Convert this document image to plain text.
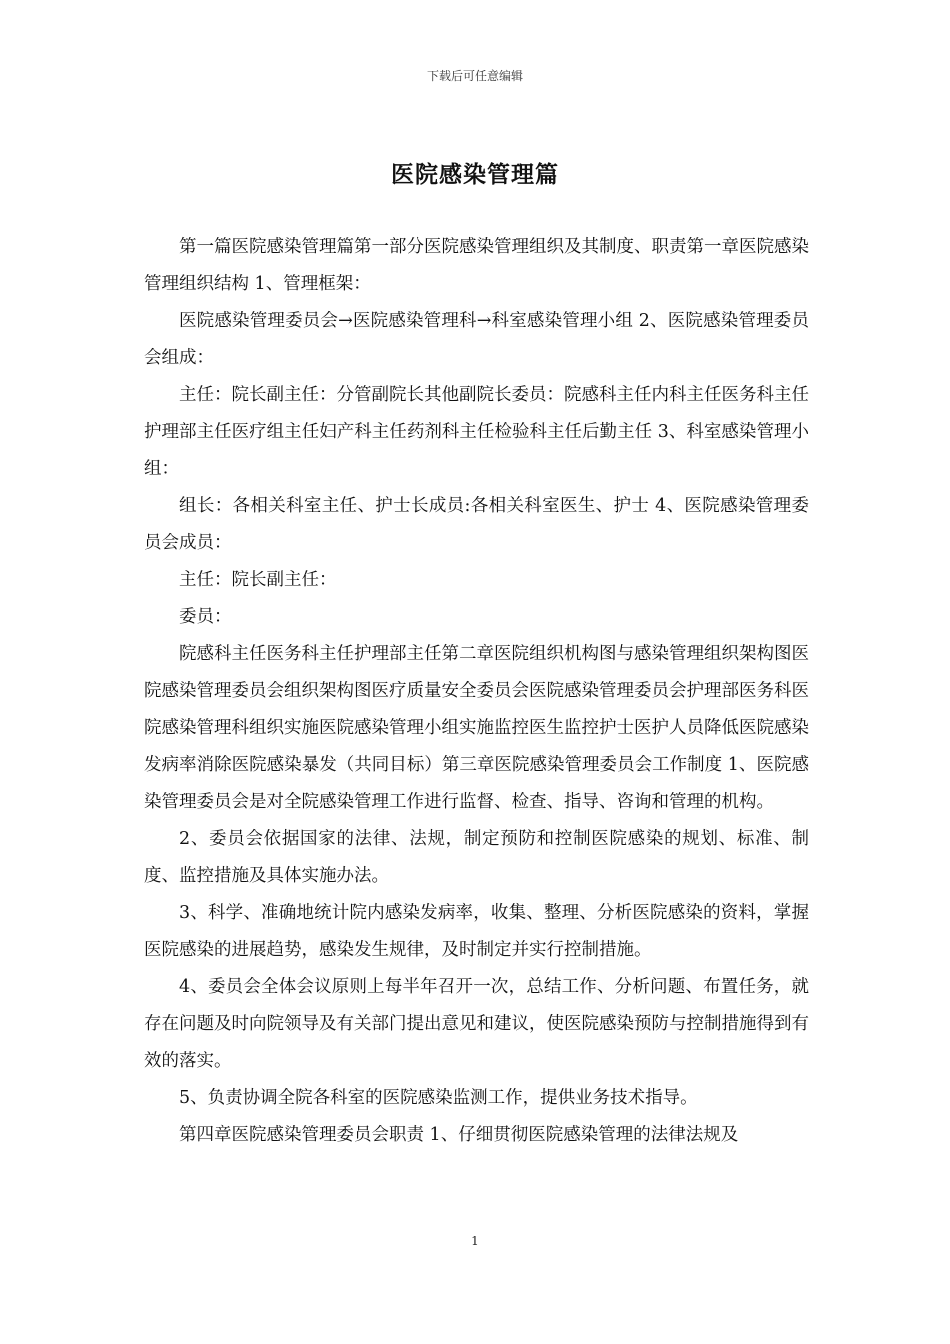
下载后可任意编辑
医院感染管理篇

第一篇医院感染管理篇第一部分医院感染管理组织及其制度、职责第一章医院感染管理组织结构 1、管理框架：

医院感染管理委员会→医院感染管理科→科室感染管理小组 2、医院感染管理委员会组成：

主任：院长副主任：分管副院长其他副院长委员：院感科主任内科主任医务科主任护理部主任医疗组主任妇产科主任药剂科主任检验科主任后勤主任 3、科室感染管理小组：

组长：各相关科室主任、护士长成员:各相关科室医生、护士 4、医院感染管理委员会成员：

主任：院长副主任：

委员：

院感科主任医务科主任护理部主任第二章医院组织机构图与感染管理组织架构图医院感染管理委员会组织架构图医疗质量安全委员会医院感染管理委员会护理部医务科医院感染管理科组织实施医院感染管理小组实施监控医生监控护士医护人员降低医院感染发病率消除医院感染暴发（共同目标）第三章医院感染管理委员会工作制度 1、医院感染管理委员会是对全院感染管理工作进行监督、检查、指导、咨询和管理的机构。

2、委员会依据国家的法律、法规，制定预防和控制医院感染的规划、标准、制度、监控措施及具体实施办法。

3、科学、准确地统计院内感染发病率，收集、整理、分析医院感染的资料，掌握医院感染的进展趋势，感染发生规律，及时制定并实行控制措施。

4、委员会全体会议原则上每半年召开一次，总结工作、分析问题、布置任务，就存在问题及时向院领导及有关部门提出意见和建议，使医院感染预防与控制措施得到有效的落实。

5、负责协调全院各科室的医院感染监测工作，提供业务技术指导。

第四章医院感染管理委员会职责 1、仔细贯彻医院感染管理的法律法规及

1
